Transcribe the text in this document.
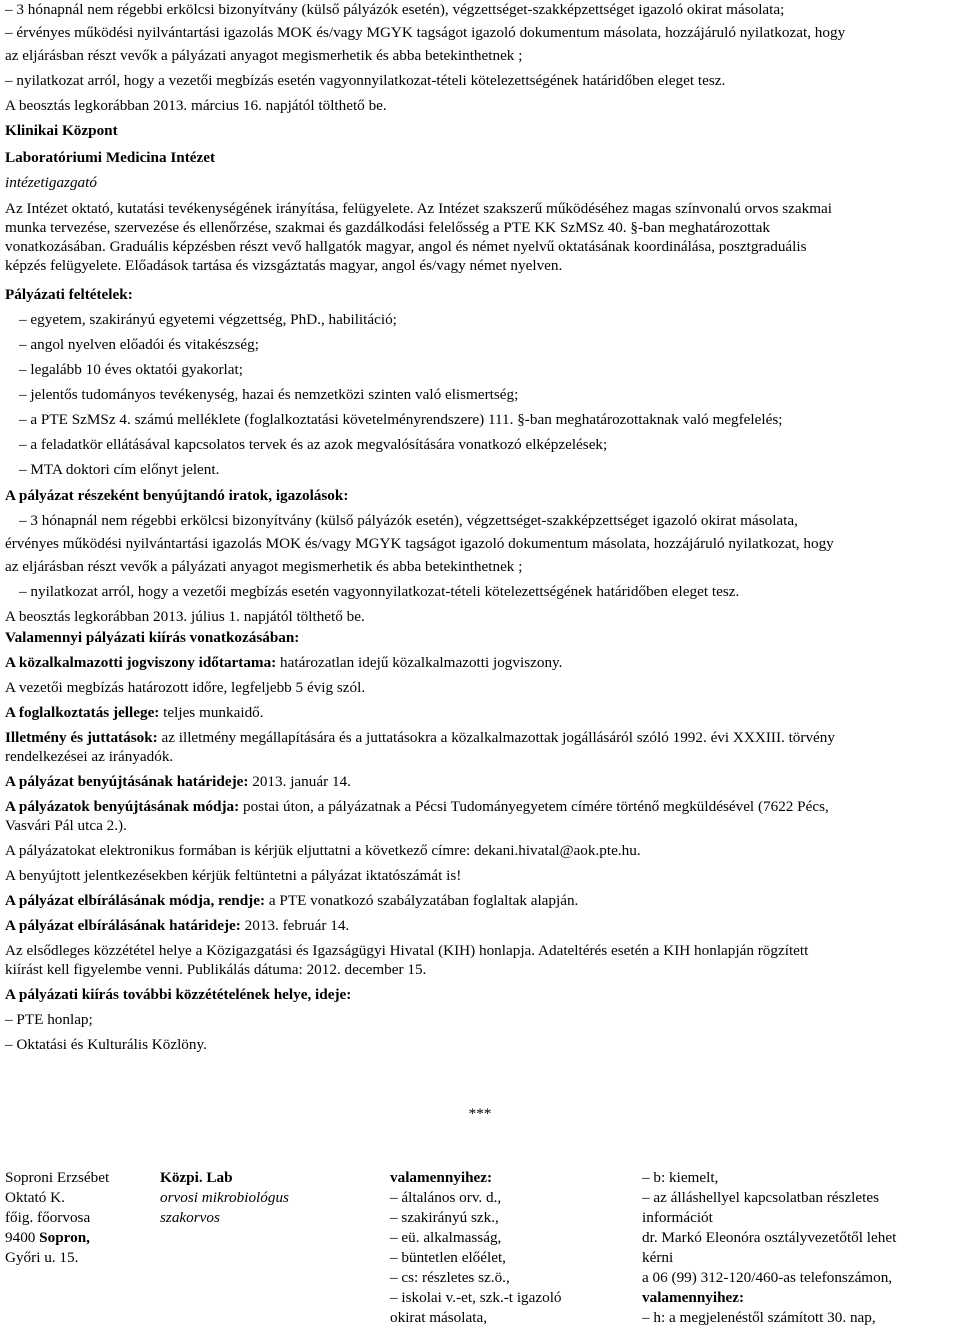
– 3 hónapnál nem régebbi erkölcsi bizonyítvány (külső pályázók esetén), végzettséget-szakképzettséget igazoló okirat másolata;
– érvényes működési nyilvántartási igazolás MOK és/vagy MGYK tagságot igazoló dokumentum másolata, hozzájáruló nyilatkozat, hogy
az eljárásban részt vevők a pályázati anyagot megismerhetik és abba betekinthetnek ;
– nyilatkozat arról, hogy a vezetői megbízás esetén vagyonnyilatkozat-tételi kötelezettségének határidőben eleget tesz.
A beosztás legkorábban 2013. március 16. napjától tölthető be.
Klinikai Központ
Laboratóriumi Medicina Intézet
intézetigazgató
Az Intézet oktató, kutatási tevékenységének irányítása, felügyelete. Az Intézet szakszerű működéséhez magas színvonalú orvos szakmai
munka tervezése, szervezése és ellenőrzése, szakmai és gazdálkodási felelősség a PTE KK SzMSz 40. §-ban meghatározottak
vonatkozásában. Graduális képzésben részt vevő hallgatók magyar, angol és német nyelvű oktatásának koordinálása, posztgraduális
képzés felügyelete. Előadások tartása és vizsgáztatás magyar, angol és/vagy német nyelven.
Pályázati feltételek:
– egyetem, szakirányú egyetemi végzettség, PhD., habilitáció;
– angol nyelven előadói és vitakészség;
– legalább 10 éves oktatói gyakorlat;
– jelentős tudományos tevékenység, hazai és nemzetközi szinten való elismertség;
– a PTE SzMSz 4. számú melléklete (foglalkoztatási követelményrendszere) 111. §-ban meghatározottaknak való megfelelés;
– a feladatkör ellátásával kapcsolatos tervek és az azok megvalósítására vonatkozó elképzelések;
– MTA doktori cím előnyt jelent.
A pályázat részeként benyújtandó iratok, igazolások:
– 3 hónapnál nem régebbi erkölcsi bizonyítvány (külső pályázók esetén), végzettséget-szakképzettséget igazoló okirat másolata,
érvényes működési nyilvántartási igazolás MOK és/vagy MGYK tagságot igazoló dokumentum másolata, hozzájáruló nyilatkozat, hogy
az eljárásban részt vevők a pályázati anyagot megismerhetik és abba betekinthetnek ;
– nyilatkozat arról, hogy a vezetői megbízás esetén vagyonnyilatkozat-tételi kötelezettségének határidőben eleget tesz.
A beosztás legkorábban 2013. július 1. napjától tölthető be.
Valamennyi pályázati kiírás vonatkozásában:
A közalkalmazotti jogviszony időtartama: határozatlan idejű közalkalmazotti jogviszony.
A vezetői megbízás határozott időre, legfeljebb 5 évig szól.
A foglalkoztatás jellege: teljes munkaidő.
Illetmény és juttatások: az illetmény megállapítására és a juttatásokra a közalkalmazottak jogállásáról szóló 1992. évi XXXIII. törvény
rendelkezései az irányadók.
A pályázat benyújtásának határideje: 2013. január 14.
A pályázatok benyújtásának módja: postai úton, a pályázatnak a Pécsi Tudományegyetem címére történő megküldésével (7622 Pécs,
Vasvári Pál utca 2.).
A pályázatokat elektronikus formában is kérjük eljuttatni a következő címre: dekani.hivatal@aok.pte.hu.
A benyújtott jelentkezésekben kérjük feltüntetni a pályázat iktatószámát is!
A pályázat elbírálásának módja, rendje: a PTE vonatkozó szabályzatában foglaltak alapján.
A pályázat elbírálásának határideje: 2013. február 14.
Az elsődleges közzététel helye a Közigazgatási és Igazságügyi Hivatal (KIH) honlapja. Adateltérés esetén a KIH honlapján rögzített
kiírást kell figyelembe venni. Publikálás dátuma: 2012. december 15.
A pályázati kiírás további közzétételének helye, ideje:
– PTE honlap;
– Oktatási és Kulturális Közlöny.
***
Soproni Erzsébet
Oktató K.
főig. főorvosa
9400 Sopron,
Győri u. 15.
Közpi. Lab
orvosi mikrobiológus
szakorvos
valamennyihez:
– általános orv. d.,
– szakirányú szk.,
– eü. alkalmasság,
– büntetlen előélet,
– cs: részletes sz.ö.,
– iskolai v.-et, szk.-t igazoló
okirat másolata,
– b: kiemelt,
– az álláshellyel kapcsolatban részletes
információt
dr. Markó Eleonóra osztályvezetőtől lehet
kérni
a 06 (99) 312-120/460-as telefonszámon,
valamennyihez:
– h: a megjelenéstől számított 30. nap,
